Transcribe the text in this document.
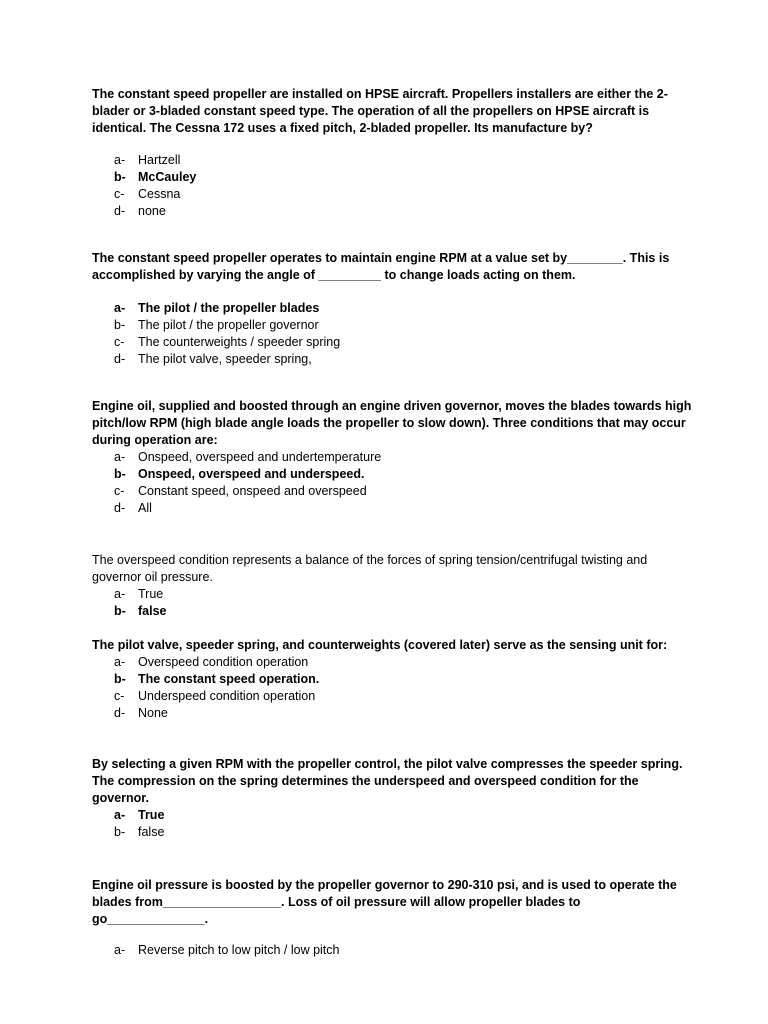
The constant speed propeller are installed on HPSE aircraft. Propellers installers are either the 2-blader or 3-bladed constant speed type. The operation of all the propellers on HPSE aircraft is identical. The Cessna 172 uses a fixed pitch, 2-bladed propeller. Its manufacture by?

a- Hartzell
b- McCauley
c- Cessna
d- none

The constant speed propeller operates to maintain engine RPM at a value set by________. This is accomplished by varying the angle of _________ to change loads acting on them.

a- The pilot / the propeller blades
b- The pilot / the propeller governor
c- The counterweights / speeder spring
d- The pilot valve, speeder spring,

Engine oil, supplied and boosted through an engine driven governor, moves the blades towards high pitch/low RPM (high blade angle loads the propeller to slow down). Three conditions that may occur during operation are:

a- Onspeed, overspeed and undertemperature
b- Onspeed, overspeed and underspeed.
c- Constant speed, onspeed and overspeed
d- All

The overspeed condition represents a balance of the forces of spring tension/centrifugal twisting and governor oil pressure.

a- True
b- false

The pilot valve, speeder spring, and counterweights (covered later) serve as the sensing unit for:

a- Overspeed condition operation
b- The constant speed operation.
c- Underspeed condition operation
d- None

By selecting a given RPM with the propeller control, the pilot valve compresses the speeder spring. The compression on the spring determines the underspeed and overspeed condition for the governor.

a- True
b- false

Engine oil pressure is boosted by the propeller governor to 290-310 psi, and is used to operate the blades from_________________. Loss of oil pressure will allow propeller blades to go______________.

a- Reverse pitch to low pitch / low pitch
